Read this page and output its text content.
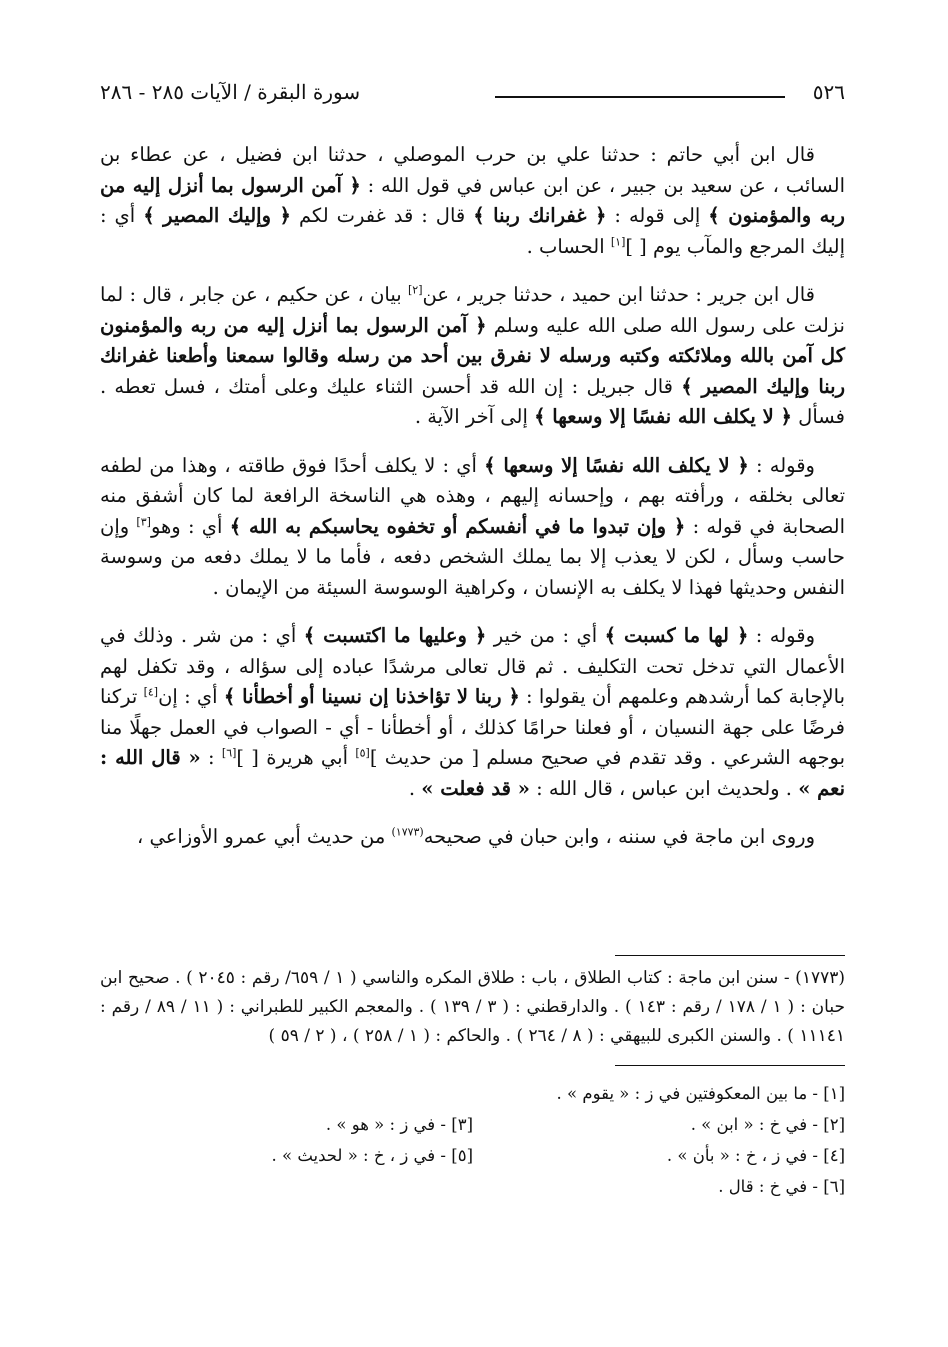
٥٢٦
سورة البقرة / الآيات ٢٨٥ - ٢٨٦

قال ابن أبي حاتم : حدثنا علي بن حرب الموصلي ، حدثنا ابن فضيل ، عن عطاء بن السائب ، عن سعيد بن جبير ، عن ابن عباس في قول الله : ﴿ آمن الرسول بما أنزل إليه من ربه والمؤمنون ﴾ إلى قوله : ﴿ غفرانك ربنا ﴾ قال : قد غفرت لكم ﴿ وإليك المصير ﴾ أي : إليك المرجع والمآب يوم [ ][١] الحساب .

قال ابن جرير : حدثنا ابن حميد ، حدثنا جرير ، عن[٢] بيان ، عن حكيم ، عن جابر ، قال : لما نزلت على رسول الله صلى الله عليه وسلم ﴿ آمن الرسول بما أنزل إليه من ربه والمؤمنون كل آمن بالله وملائكته وكتبه ورسله لا نفرق بين أحد من رسله وقالوا سمعنا وأطعنا غفرانك ربنا وإليك المصير ﴾ قال جبريل : إن الله قد أحسن الثناء عليك وعلى أمتك ، فسل تعطه . فسأل ﴿ لا يكلف الله نفسًا إلا وسعها ﴾ إلى آخر الآية .

وقوله : ﴿ لا يكلف الله نفسًا إلا وسعها ﴾ أي : لا يكلف أحدًا فوق طاقته ، وهذا من لطفه تعالى بخلقه ، ورأفته بهم ، وإحسانه إليهم ، وهذه هي الناسخة الرافعة لما كان أشفق منه الصحابة في قوله : ﴿ وإن تبدوا ما في أنفسكم أو تخفوه يحاسبكم به الله ﴾ أي : وهو[٣] وإن حاسب وسأل ، لكن لا يعذب إلا بما يملك الشخص دفعه ، فأما ما لا يملك دفعه من وسوسة النفس وحديثها فهذا لا يكلف به الإنسان ، وكراهية الوسوسة السيئة من الإيمان .

وقوله : ﴿ لها ما كسبت ﴾ أي : من خير ﴿ وعليها ما اكتسبت ﴾ أي : من شر . وذلك في الأعمال التي تدخل تحت التكليف . ثم قال تعالى مرشدًا عباده إلى سؤاله ، وقد تكفل لهم بالإجابة كما أرشدهم وعلمهم أن يقولوا : ﴿ ربنا لا تؤاخذنا إن نسينا أو أخطأنا ﴾ أي : إن[٤] تركنا فرضًا على جهة النسيان ، أو فعلنا حرامًا كذلك ، أو أخطأنا - أي - الصواب في العمل جهلًا منا بوجهه الشرعي . وقد تقدم في صحيح مسلم [ من حديث ][٥] أبي هريرة [ ][٦] : « قال الله : نعم » . ولحديث ابن عباس ، قال الله : « قد فعلت » .

وروى ابن ماجة في سننه ، وابن حبان في صحيحه$^{(١٧٧٣)}$ من حديث أبي عمرو الأوزاعي ،

(١٧٧٣) - سنن ابن ماجة : كتاب الطلاق ، باب : طلاق المكره والناسي ( ١ / ٦٥٩/ رقم : ٢٠٤٥ ) . صحيح ابن حبان : ( ١ / ١٧٨ / رقم : ١٤٣ ) . والدارقطني : ( ٣ / ١٣٩ ) . والمعجم الكبير للطبراني : ( ١١ / ٨٩ / رقم : ١١١٤١ ) . والسنن الكبرى للبيهقي : ( ٨ / ٢٦٤ ) . والحاكم : ( ١ / ٢٥٨ ) ، ( ٢ / ٥٩ )
[١] - ما بين المعكوفتين في ز : « يقوم » .
[٢] - في خ : « ابن » .
[٣] - في ز : « هو » .
[٤] - في ز ، خ : « بأن » .
[٥] - في ز ، خ : « لحديث » .
[٦] - في خ : قال .
